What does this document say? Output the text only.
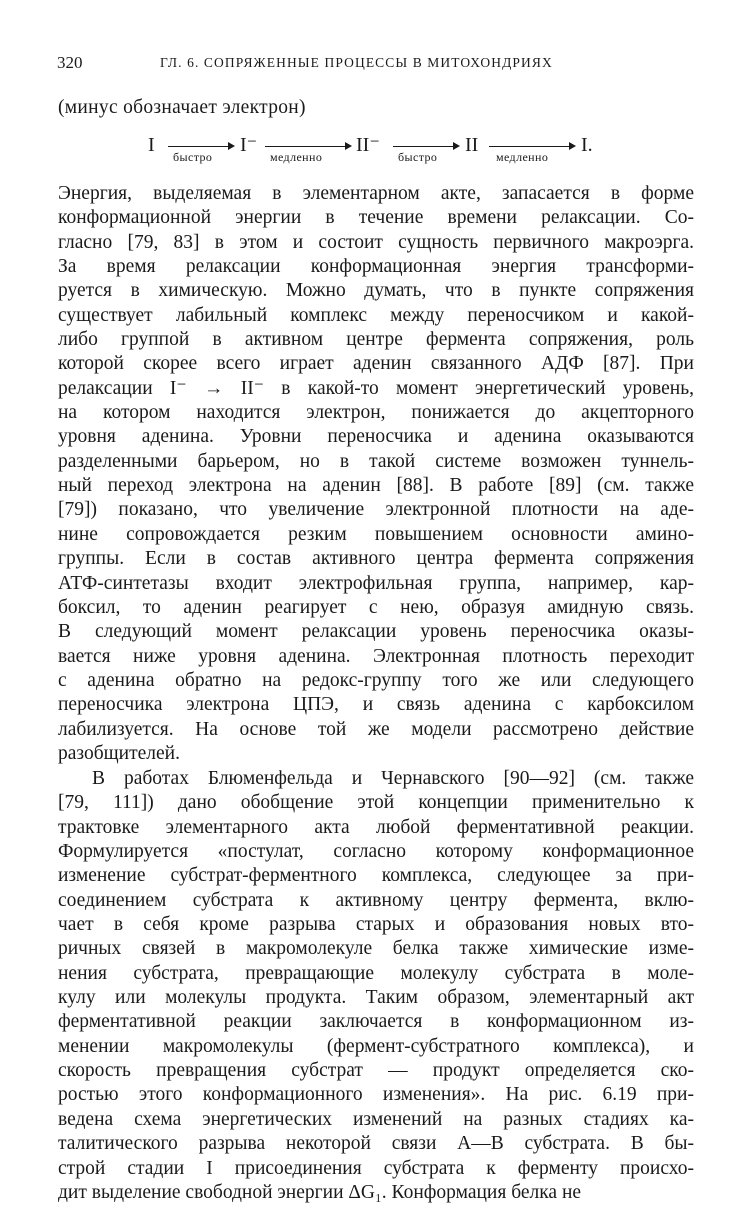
320	ГЛ. 6. СОПРЯЖЕННЫЕ ПРОЦЕССЫ В МИТОХОНДРИЯХ
(минус обозначает электрон)
I
быстро
I⁻
медленно
II⁻
быстро
II
медленно
I.
Энергия, выделяемая в элементарном акте, запасается в форме
конформационной энергии в течение времени релаксации. Со-
гласно [79, 83] в этом и состоит сущность первичного макроэрга.
За время релаксации конформационная энергия трансформи-
руется в химическую. Можно думать, что в пункте сопряжения
существует лабильный комплекс между переносчиком и какой-
либо группой в активном центре фермента сопряжения, роль
которой скорее всего играет аденин связанного АДФ [87]. При
релаксации I⁻ → II⁻ в какой-то момент энергетический уровень,
на котором находится электрон, понижается до акцепторного
уровня аденина. Уровни переносчика и аденина оказываются
разделенными барьером, но в такой системе возможен туннель-
ный переход электрона на аденин [88]. В работе [89] (см. также
[79]) показано, что увеличение электронной плотности на аде-
нине сопровождается резким повышением основности амино-
группы. Если в состав активного центра фермента сопряжения
АТФ-синтетазы входит электрофильная группа, например, кар-
боксил, то аденин реагирует с нею, образуя амидную связь.
В следующий момент релаксации уровень переносчика оказы-
вается ниже уровня аденина. Электронная плотность переходит
с аденина обратно на редокс-группу того же или следующего
переносчика электрона ЦПЭ, и связь аденина с карбоксилом
лабилизуется. На основе той же модели рассмотрено действие
разобщителей.
В работах Блюменфельда и Чернавского [90—92] (см. также
[79, 111]) дано обобщение этой концепции применительно к
трактовке элементарного акта любой ферментативной реакции.
Формулируется «постулат, согласно которому конформационное
изменение субстрат-ферментного комплекса, следующее за при-
соединением субстрата к активному центру фермента, вклю-
чает в себя кроме разрыва старых и образования новых вто-
ричных связей в макромолекуле белка также химические изме-
нения субстрата, превращающие молекулу субстрата в моле-
кулу или молекулы продукта. Таким образом, элементарный акт
ферментативной реакции заключается в конформационном из-
менении макромолекулы (фермент-субстратного комплекса), и
скорость превращения субстрат — продукт определяется ско-
ростью этого конформационного изменения». На рис. 6.19 при-
ведена схема энергетических изменений на разных стадиях ка-
талитического разрыва некоторой связи А—В субстрата. В бы-
строй стадии I присоединения субстрата к ферменту происхо-
дит выделение свободной энергии ΔG₁. Конформация белка не
